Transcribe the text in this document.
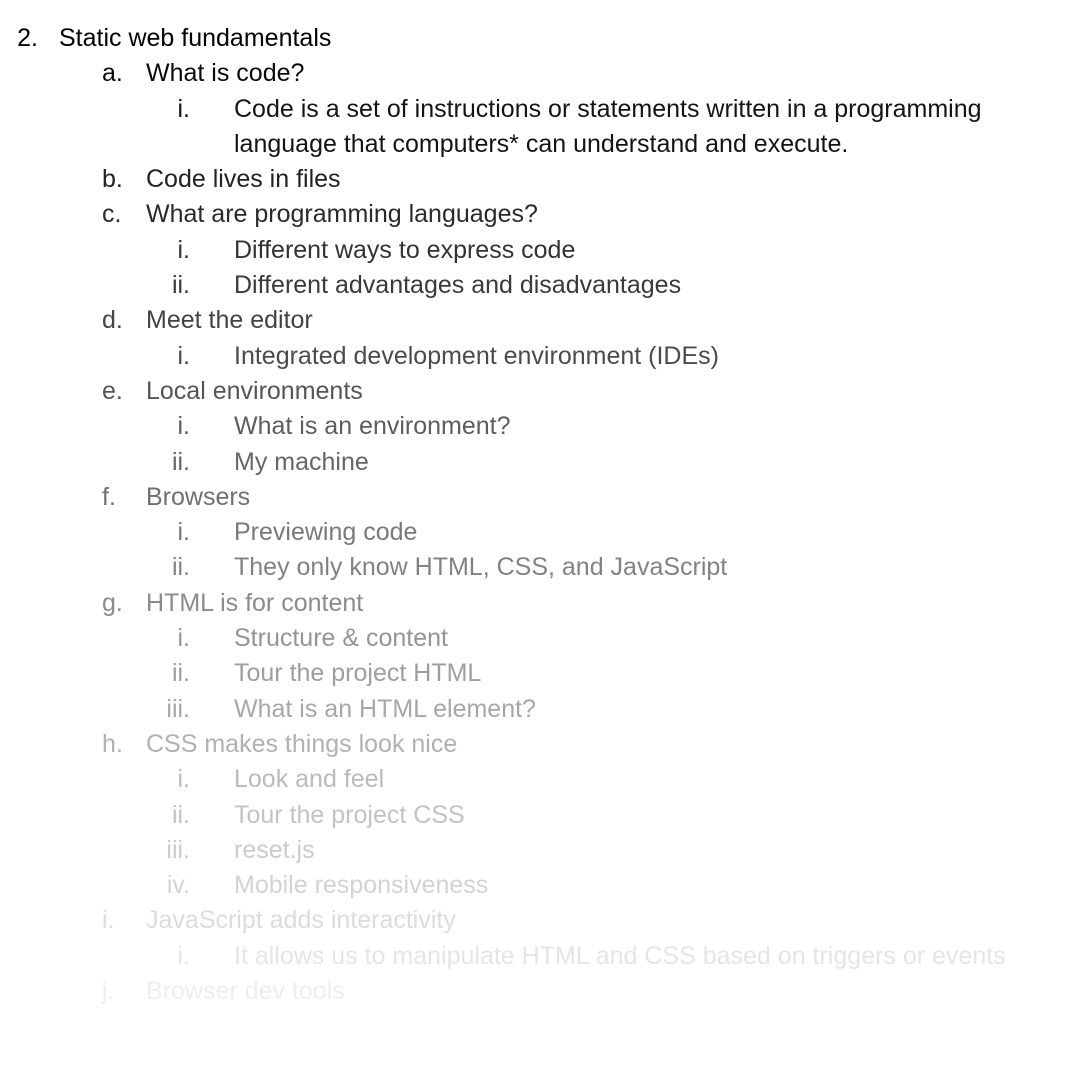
2. Static web fundamentals
a. What is code?
i. Code is a set of instructions or statements written in a programming language that computers* can understand and execute.
b. Code lives in files
c. What are programming languages?
i. Different ways to express code
ii. Different advantages and disadvantages
d. Meet the editor
i. Integrated development environment (IDEs)
e. Local environments
i. What is an environment?
ii. My machine
f. Browsers
i. Previewing code
ii. They only know HTML, CSS, and JavaScript
g. HTML is for content
i. Structure & content
ii. Tour the project HTML
iii. What is an HTML element?
h. CSS makes things look nice
i. Look and feel
ii. Tour the project CSS
iii. reset.js
iv. Mobile responsiveness
i. JavaScript adds interactivity
i. It allows us to manipulate HTML and CSS based on triggers or events
j. Browser dev tools
